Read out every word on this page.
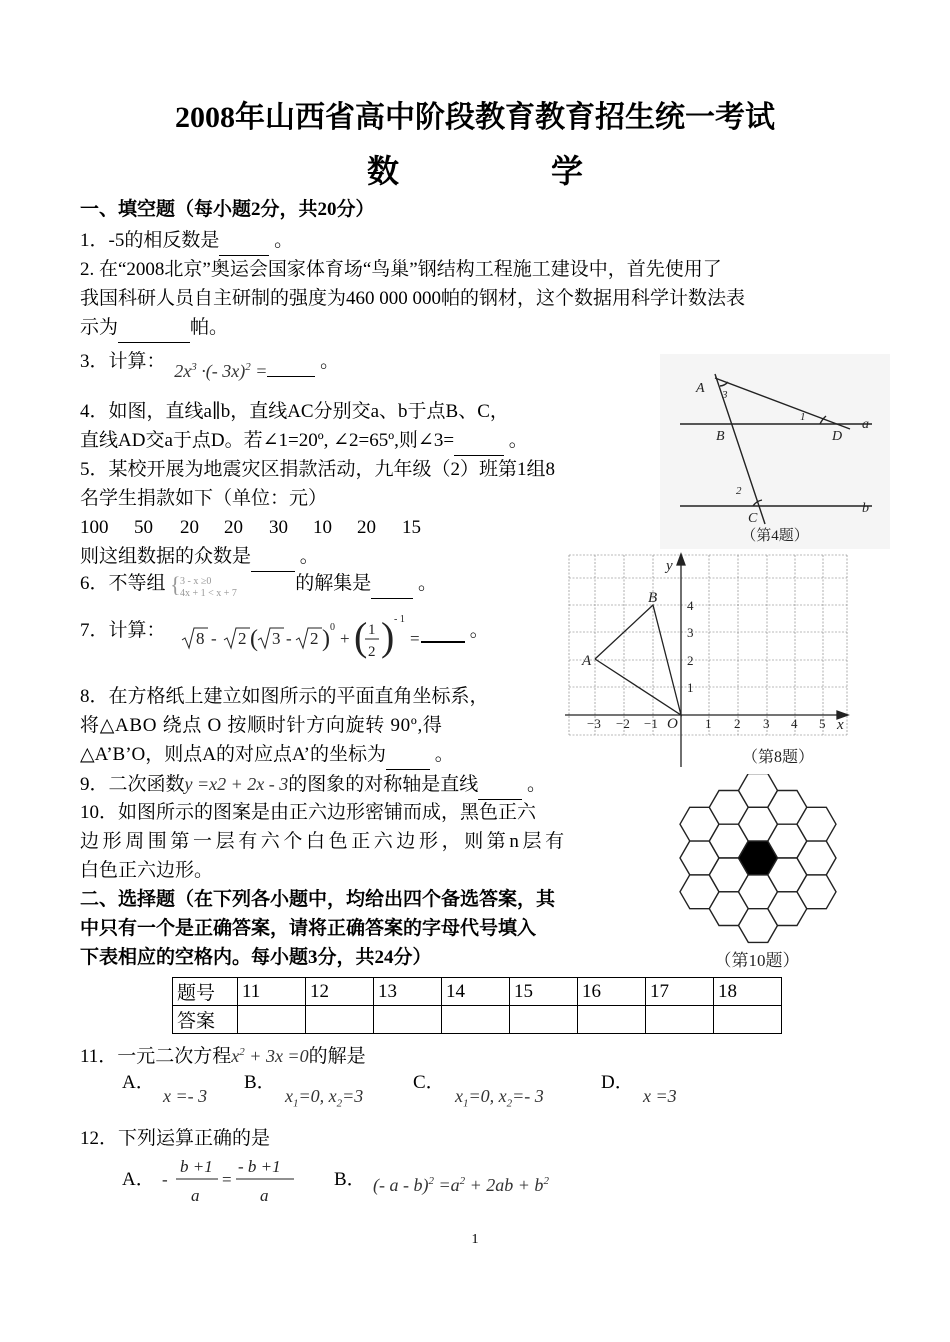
2008年山西省高中阶段教育教育招生统一考试
数　学
一、填空题（每小题2分，共20分）
1．-5的相反数是	。
2. 在“2008北京”奥运会国家体育场“鸟巢”钢结构工程施工建设中，首先使用了
我国科研人员自主研制的强度为460 000 000帕的钢材，这个数据用科学计数法表
示为	帕。
3．计算： $2x^3$ ·(- 3x)$^2$ =	。
4．如图，直线a∥b，直线AC分别交a、b于点B、C，
直线AD交a于点D。若∠1=20º, ∠2=65º,则∠3=	。
5．某校开展为地震灾区捐款活动，九年级（2）班第1组8
名学生捐款如下（单位：元）
100 50 20 20 30 10 20 15
则这组数据的众数是	。
6．不等组 { 3 - x ≥0
4x + 1 < x + 7	的解集是 。
7．计算： 8 - 2 ( 3 - 2 ) 0
+ ( 1
2 ) - 1
=	。
8．在方格纸上建立如图所示的平面直角坐标系，
将△ABO 绕点 O 按顺时针方向旋转 90º,得
△A’B’O，则点A的对应点A’的坐标为	。
9．二次函数y =x2 + 2x - 3的图象的对称轴是直线	。
10．如图所示的图案是由正六边形密铺而成，黑色正六
边形周围第一层有六个白色正六边形，则第n层有
白色正六边形。
二、选择题（在下列各小题中，均给出四个备选答案，其
中只有一个是正确答案，请将正确答案的字母代号填入
下表相应的空格内。每小题3分，共24分）
题号	11	12	13	14	15	16	17	18
答案								
11．一元二次方程$x^2 + 3x =0$的解是
A．
x =- 3
B．
$x_1=0$, $x_2=3$
C．
$x_1=0$, $x_2=-$ 3
D．
x =3
12．下列运算正确的是
A． -
b +1
a
=
- b +1
a
B． (- $a - b)^2 =a^2 + 2ab + b^2$
A 3
1
B	D
a
2
C
b
（第4题）
y
x
A
B
−3 −2 −1 O 1 2 3 4 5
1
2
3
4
（第8题）
（第10题）
1
